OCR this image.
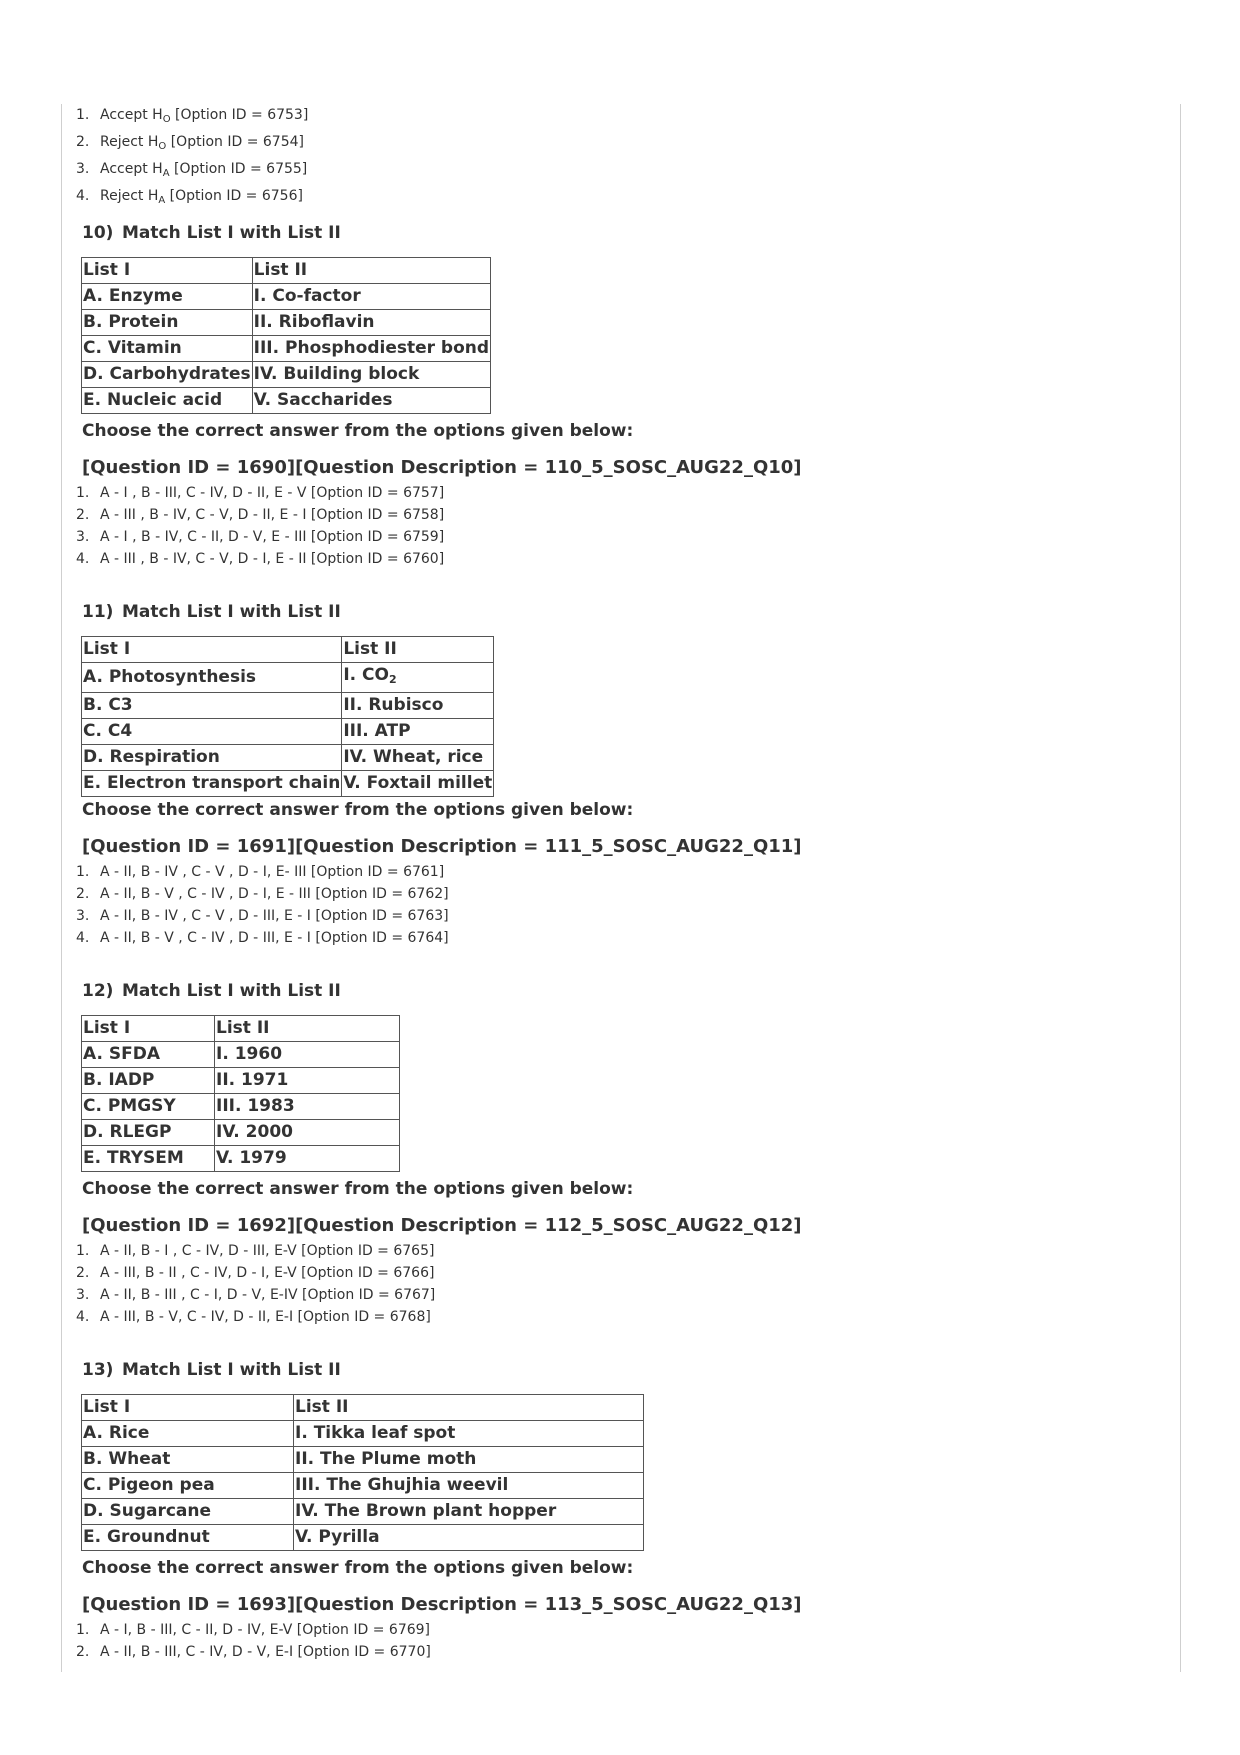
1. Accept $H_O$ [Option ID = 6753]
2. Reject $H_O$ [Option ID = 6754]
3. Accept $H_A$ [Option ID = 6755]
4. Reject $H_A$ [Option ID = 6756]
10) Match List I with List II
List I	List II
A. Enzyme	I. Co-factor
B. Protein	II. Riboflavin
C. Vitamin	III. Phosphodiester bond
D. Carbohydrates	IV. Building block
E. Nucleic acid	V. Saccharides
Choose the correct answer from the options given below:
[Question ID = 1690][Question Description = 110_5_SOSC_AUG22_Q10]
1. A - I , B - III, C - IV, D - II, E - V [Option ID = 6757]
2. A - III , B - IV, C - V, D - II, E - I [Option ID = 6758]
3. A - I , B - IV, C - II, D - V, E - III [Option ID = 6759]
4. A - III , B - IV, C - V, D - I, E - II [Option ID = 6760]
11) Match List I with List II
List I	List II
A. Photosynthesis	I. $CO_2$
B. C3	II. Rubisco
C. C4	III. ATP
D. Respiration	IV. Wheat, rice
E. Electron transport chain	V. Foxtail millet
Choose the correct answer from the options given below:
[Question ID = 1691][Question Description = 111_5_SOSC_AUG22_Q11]
1. A - II, B - IV , C - V , D - I, E- III [Option ID = 6761]
2. A - II, B - V , C - IV , D - I, E - III [Option ID = 6762]
3. A - II, B - IV , C - V , D - III, E - I [Option ID = 6763]
4. A - II, B - V , C - IV , D - III, E - I [Option ID = 6764]
12) Match List I with List II
List I	List II
A. SFDA	I. 1960
B. IADP	II. 1971
C. PMGSY	III. 1983
D. RLEGP	IV. 2000
E. TRYSEM	V. 1979
Choose the correct answer from the options given below:
[Question ID = 1692][Question Description = 112_5_SOSC_AUG22_Q12]
1. A - II, B - I , C - IV, D - III, E-V [Option ID = 6765]
2. A - III, B - II , C - IV, D - I, E-V [Option ID = 6766]
3. A - II, B - III , C - I, D - V, E-IV [Option ID = 6767]
4. A - III, B - V, C - IV, D - II, E-I [Option ID = 6768]
13) Match List I with List II
List I	List II
A. Rice	I. Tikka leaf spot
B. Wheat	II. The Plume moth
C. Pigeon pea	III. The Ghujhia weevil
D. Sugarcane	IV. The Brown plant hopper
E. Groundnut	V. Pyrilla
Choose the correct answer from the options given below:
[Question ID = 1693][Question Description = 113_5_SOSC_AUG22_Q13]
1. A - I, B - III, C - II, D - IV, E-V [Option ID = 6769]
2. A - II, B - III, C - IV, D - V, E-I [Option ID = 6770]
